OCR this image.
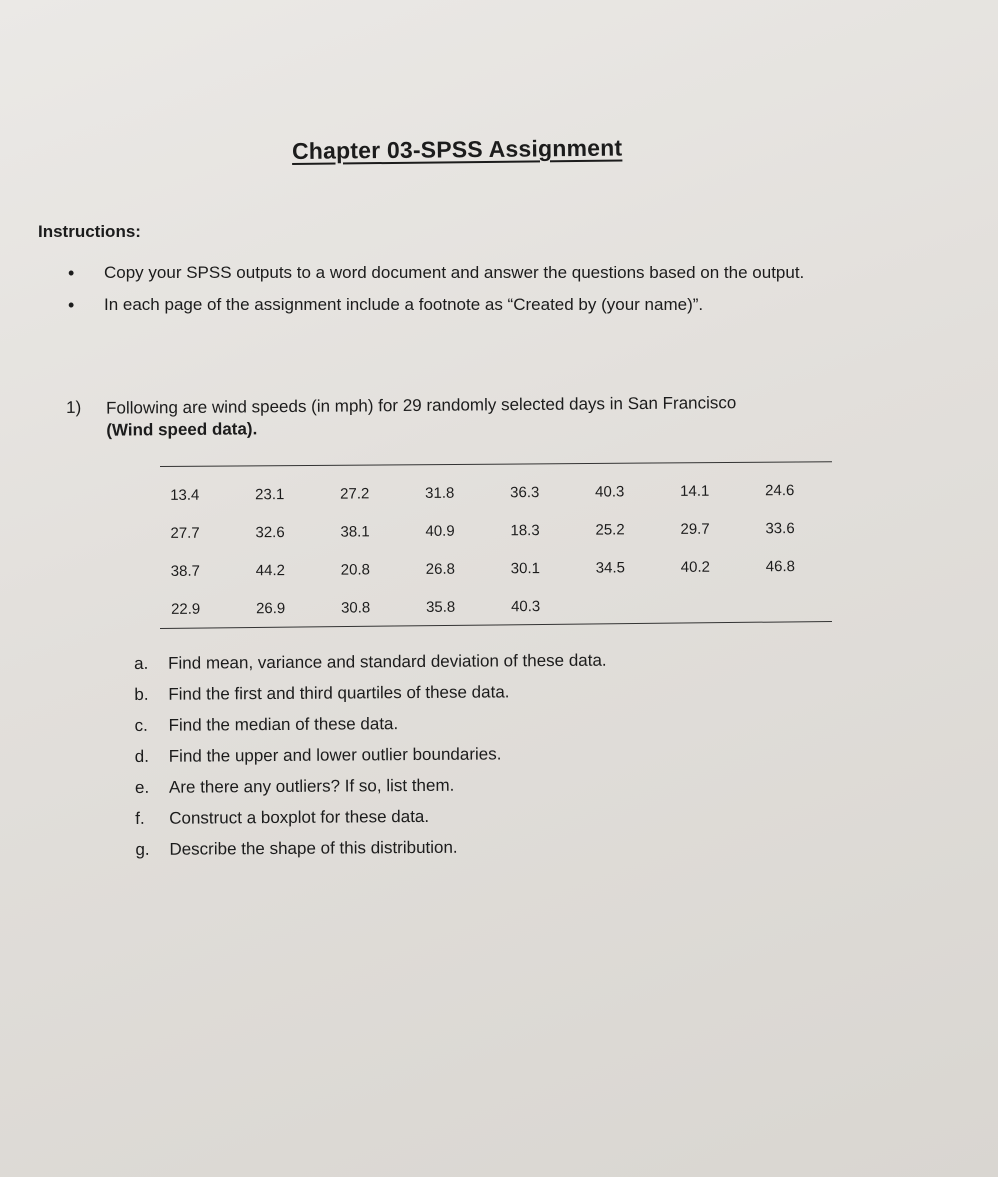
Chapter 03-SPSS Assignment
Instructions:
• Copy your SPSS outputs to a word document and answer the questions based on the output.
• In each page of the assignment include a footnote as “Created by (your name)”.
1) Following are wind speeds (in mph) for 29 randomly selected days in San Francisco
(Wind speed data).
13.4	23.1	27.2	31.8	36.3	40.3	14.1	24.6
27.7	32.6	38.1	40.9	18.3	25.2	29.7	33.6
38.7	44.2	20.8	26.8	30.1	34.5	40.2	46.8
22.9	26.9	30.8	35.8	40.3			
a. Find mean, variance and standard deviation of these data.
b. Find the first and third quartiles of these data.
c. Find the median of these data.
d. Find the upper and lower outlier boundaries.
e. Are there any outliers? If so, list them.
f. Construct a boxplot for these data.
g. Describe the shape of this distribution.
